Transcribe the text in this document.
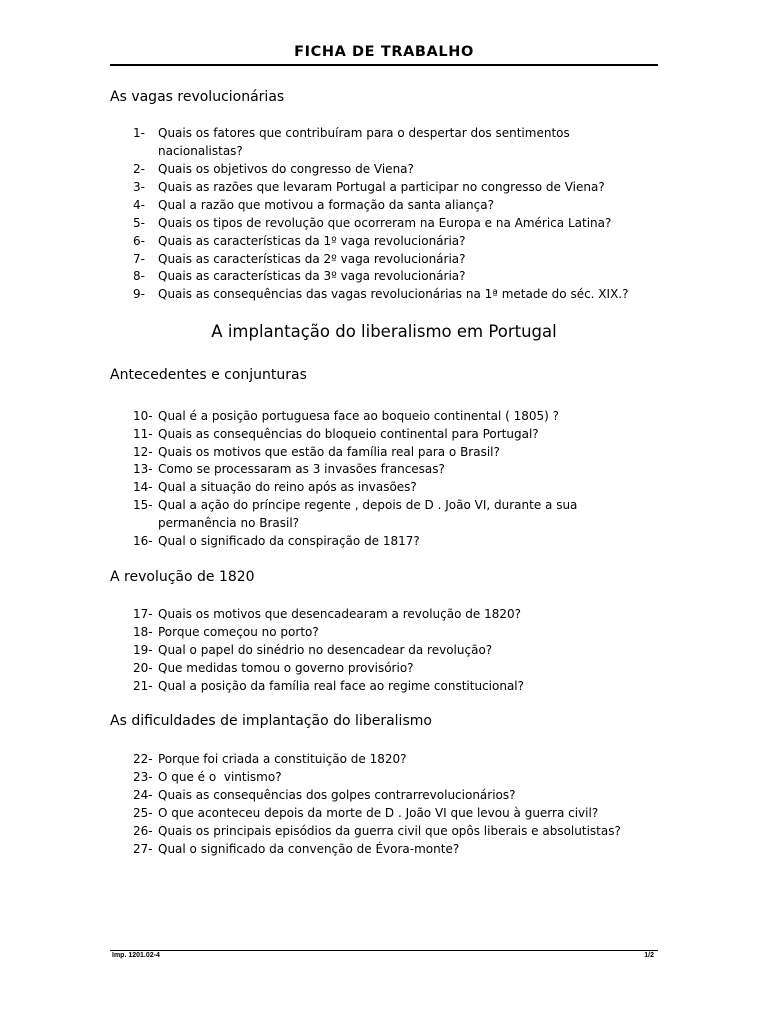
FICHA DE TRABALHO
As vagas revolucionárias
1- Quais os fatores que contribuíram para o despertar dos sentimentos
nacionalistas?
2- Quais os objetivos do congresso de Viena?
3- Quais as razões que levaram Portugal a participar no congresso de Viena?
4- Qual a razão que motivou a formação da santa aliança?
5- Quais os tipos de revolução que ocorreram na Europa e na América Latina?
6- Quais as características da 1º vaga revolucionária?
7- Quais as características da 2º vaga revolucionária?
8- Quais as características da 3º vaga revolucionária?
9- Quais as consequências das vagas revolucionárias na 1ª metade do séc. XIX.?
A implantação do liberalismo em Portugal
Antecedentes e conjunturas
10- Qual é a posição portuguesa face ao boqueio continental ( 1805) ?
11- Quais as consequências do bloqueio continental para Portugal?
12- Quais os motivos que estão da família real para o Brasil?
13- Como se processaram as 3 invasões francesas?
14- Qual a situação do reino após as invasões?
15- Qual a ação do príncipe regente , depois de D . João VI, durante a sua
permanência no Brasil?
16- Qual o significado da conspiração de 1817?
A revolução de 1820
17- Quais os motivos que desencadearam a revolução de 1820?
18- Porque começou no porto?
19- Qual o papel do sinédrio no desencadear da revolução?
20- Que medidas tomou o governo provisório?
21- Qual a posição da família real face ao regime constitucional?
As dificuldades de implantação do liberalismo
22- Porque foi criada a constituição de 1820?
23- O que é o  vintismo?
24- Quais as consequências dos golpes contrarrevolucionários?
25- O que aconteceu depois da morte de D . João VI que levou à guerra civil?
26- Quais os principais episódios da guerra civil que opôs liberais e absolutistas?
27- Qual o significado da convenção de Évora-monte?
Imp. 1201.02-4	1/2
